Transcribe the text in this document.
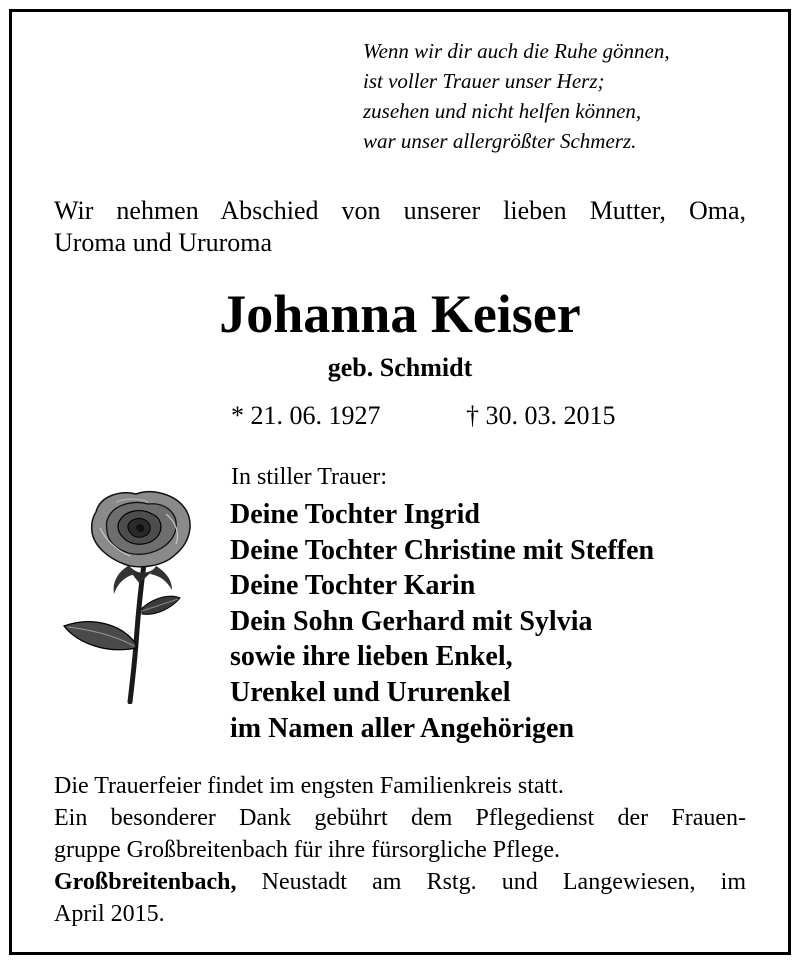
Wenn wir dir auch die Ruhe gönnen,
ist voller Trauer unser Herz;
zusehen und nicht helfen können,
war unser allergrößter Schmerz.
Wir nehmen Abschied von unserer lieben Mutter, Oma,
Uroma und Ururoma
Johanna Keiser
geb. Schmidt
* 21. 06. 1927	† 30. 03. 2015
In stiller Trauer:
Deine Tochter Ingrid
Deine Tochter Christine mit Steffen
Deine Tochter Karin
Dein Sohn Gerhard mit Sylvia
sowie ihre lieben Enkel,
Urenkel und Ururenkel
im Namen aller Angehörigen
Die Trauerfeier findet im engsten Familienkreis statt.
Ein besonderer Dank gebührt dem Pflegedienst der Frauen-
gruppe Großbreitenbach für ihre fürsorgliche Pflege.
Großbreitenbach, Neustadt am Rstg. und Langewiesen, im
April 2015.
